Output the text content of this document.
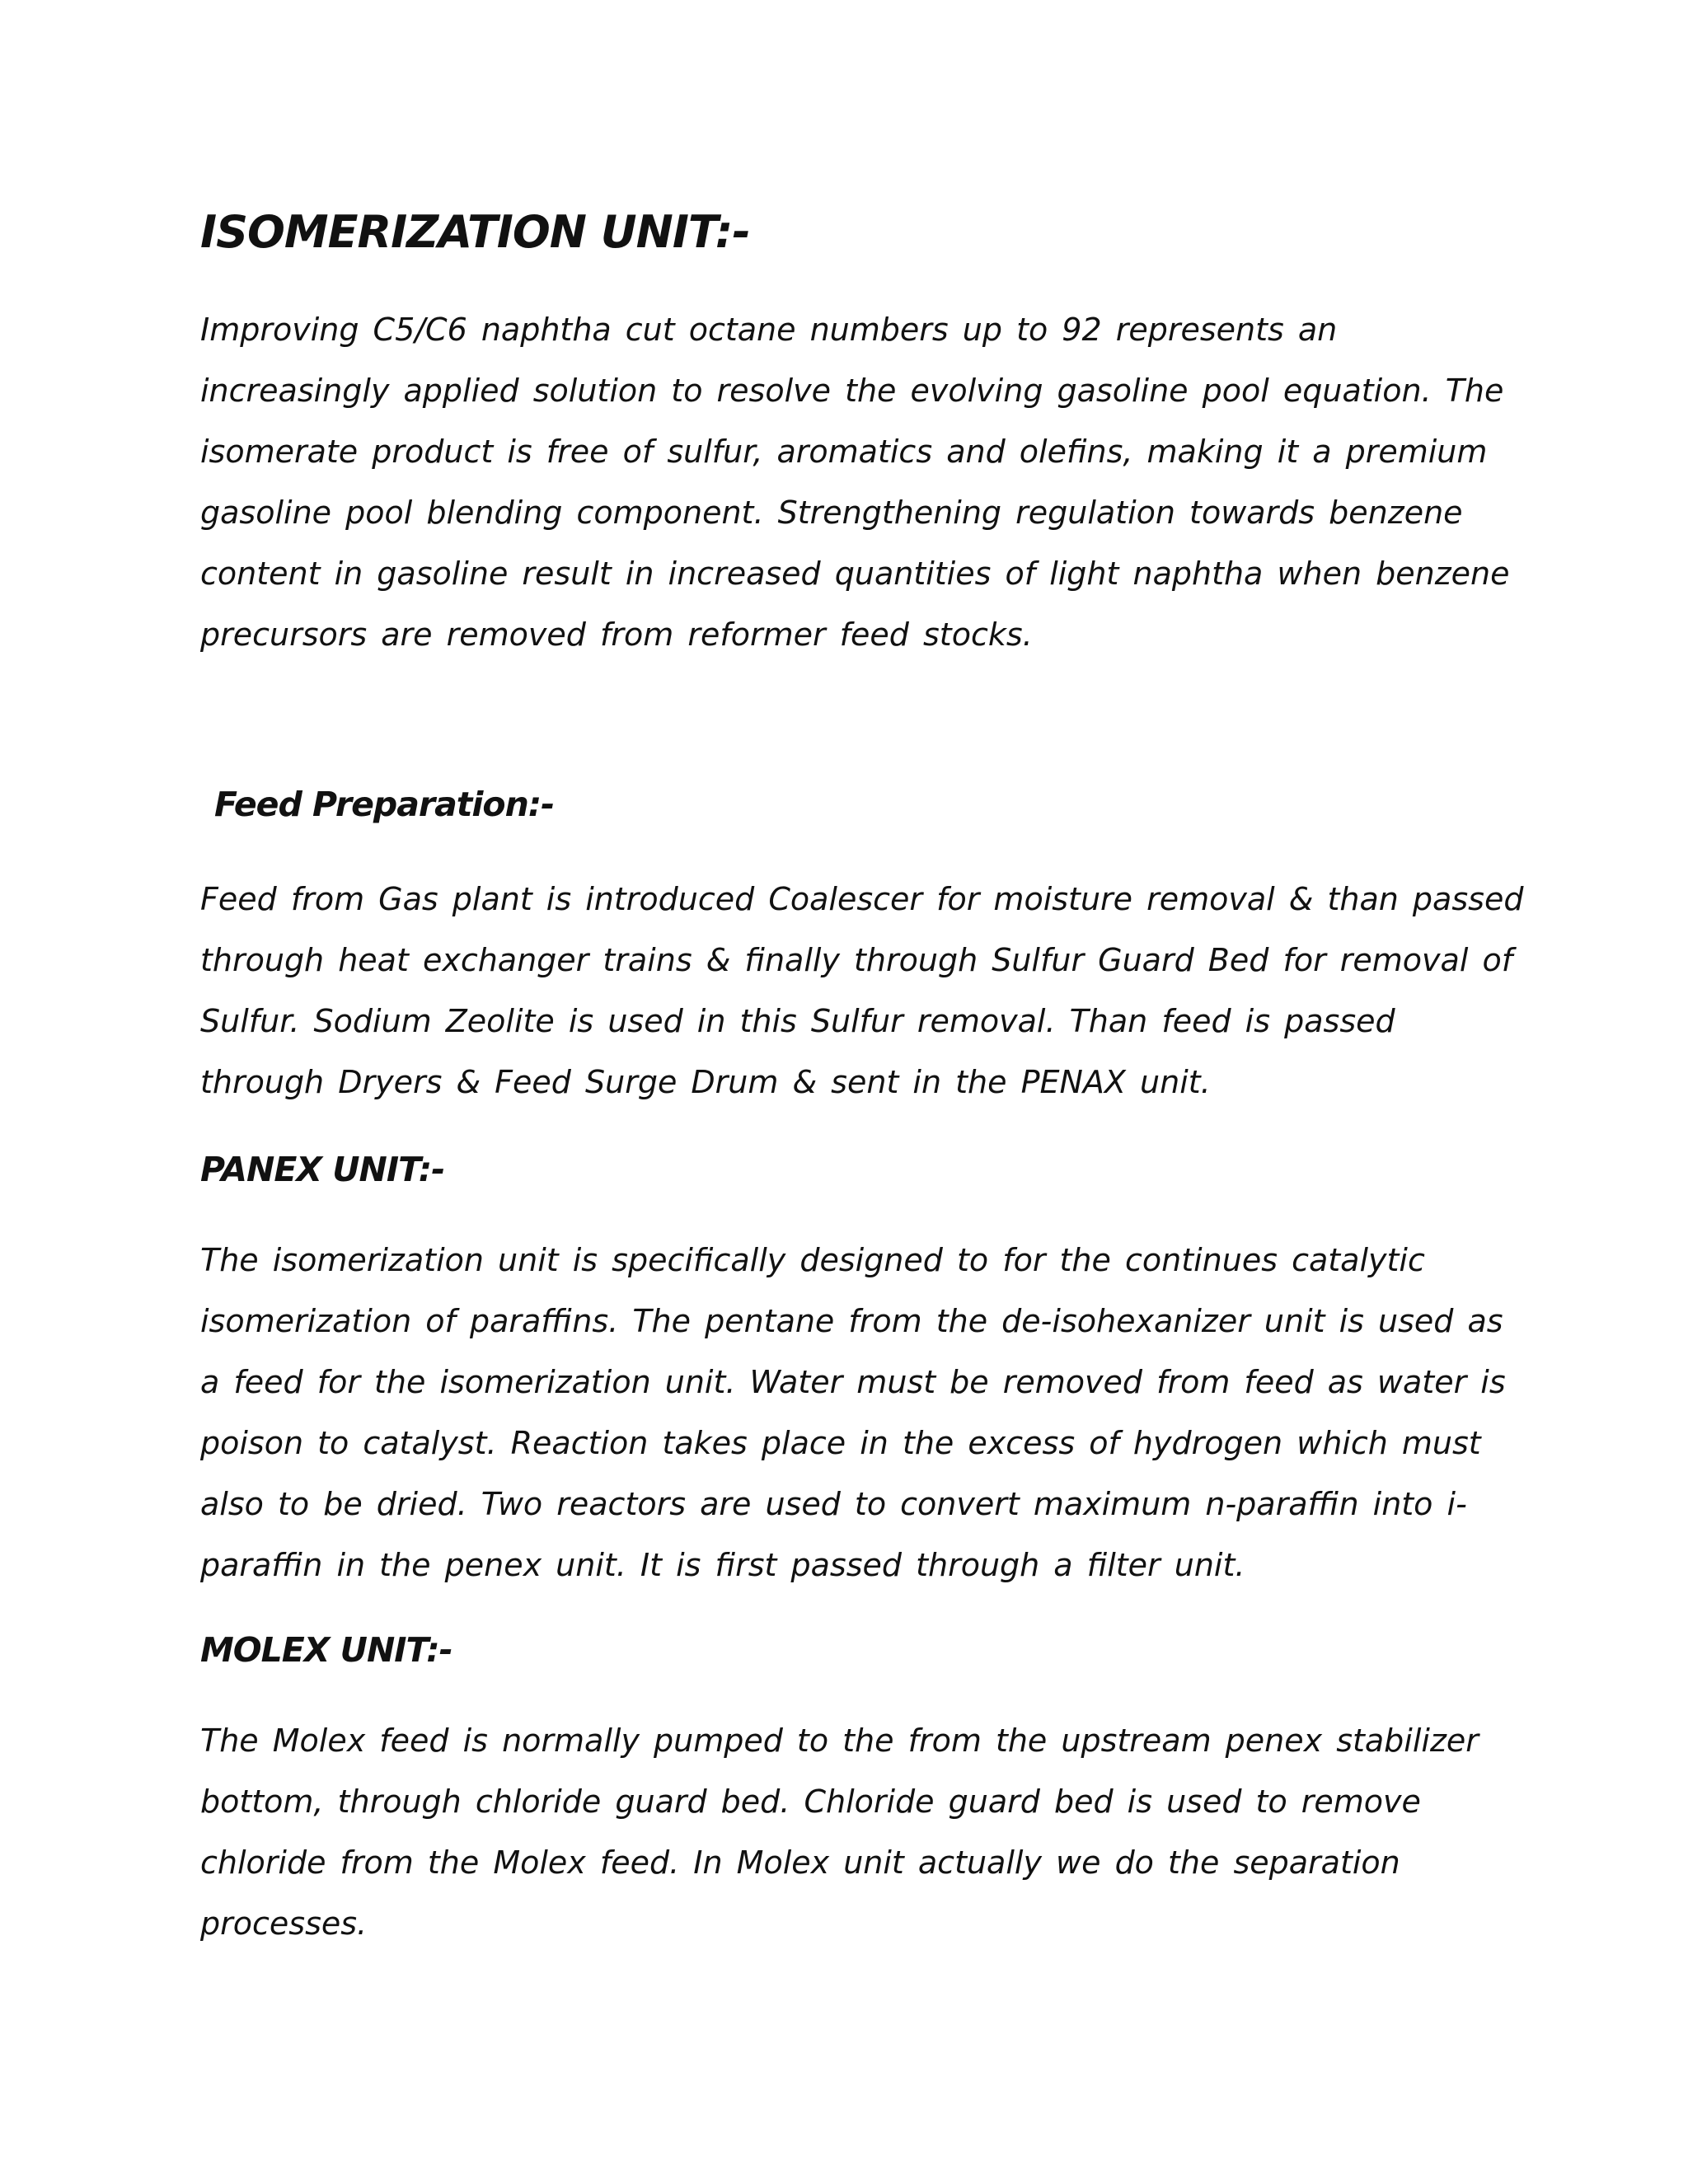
ISOMERIZATION UNIT:-
Improving C5/C6 naphtha cut octane numbers up to 92 represents an
increasingly applied solution to resolve the evolving gasoline pool equation. The
isomerate product is free of sulfur, aromatics and olefins, making it a premium
gasoline pool blending component. Strengthening regulation towards benzene
content in gasoline result in increased quantities of light naphtha when benzene
precursors are removed from reformer feed stocks.
Feed Preparation:-
Feed from Gas plant is introduced Coalescer for moisture removal & than passed
through heat exchanger trains & finally through Sulfur Guard Bed for removal of
Sulfur. Sodium Zeolite is used in this Sulfur removal. Than feed is passed
through Dryers & Feed Surge Drum & sent in the PENAX unit.
PANEX UNIT:-
The isomerization unit is specifically designed to for the continues catalytic
isomerization of paraffins. The pentane from the de-isohexanizer unit is used as
a feed for the isomerization unit. Water must be removed from feed as water is
poison to catalyst. Reaction takes place in the excess of hydrogen which must
also to be dried. Two reactors are used to convert maximum n-paraffin into i-
paraffin in the penex unit. It is first passed through a filter unit.
MOLEX UNIT:-
The Molex feed is normally pumped to the from the upstream penex stabilizer
bottom, through chloride guard bed. Chloride guard bed is used to remove
chloride from the Molex feed. In Molex unit actually we do the separation
processes.
